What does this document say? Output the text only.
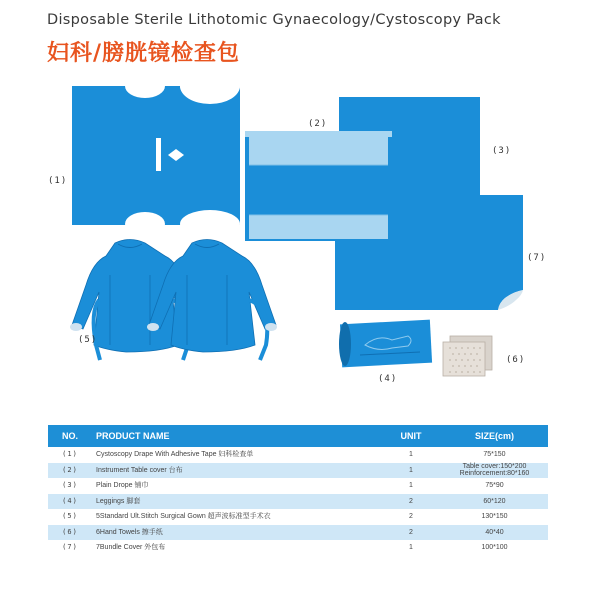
Disposable Sterile Lithotomic Gynaecology/Cystoscopy Pack
妇科/膀胱镜检查包
(1)
(2)
(3)
(4)
(5)
(6)
(7)
NO.	PRODUCT NAME	UNIT	SIZE(cm)
(1)	Cystoscopy Drape With Adhesive Tape 妇科检查单	1	75*150
(2)	Instrument Table cover 台布	1	Table cover:150*200
Reinforcement:80*160

(3)	Plain Drope 铺巾	1	75*90
(4)	Leggings 脚套	2	60*120
(5)	5Standard Ult.Stitch Surgical Gown 超声波标准型手术衣	2	130*150
(6)	6Hand Towels 擦手纸	2	40*40
(7)	7Bundle Cover 外包布	1	100*100
